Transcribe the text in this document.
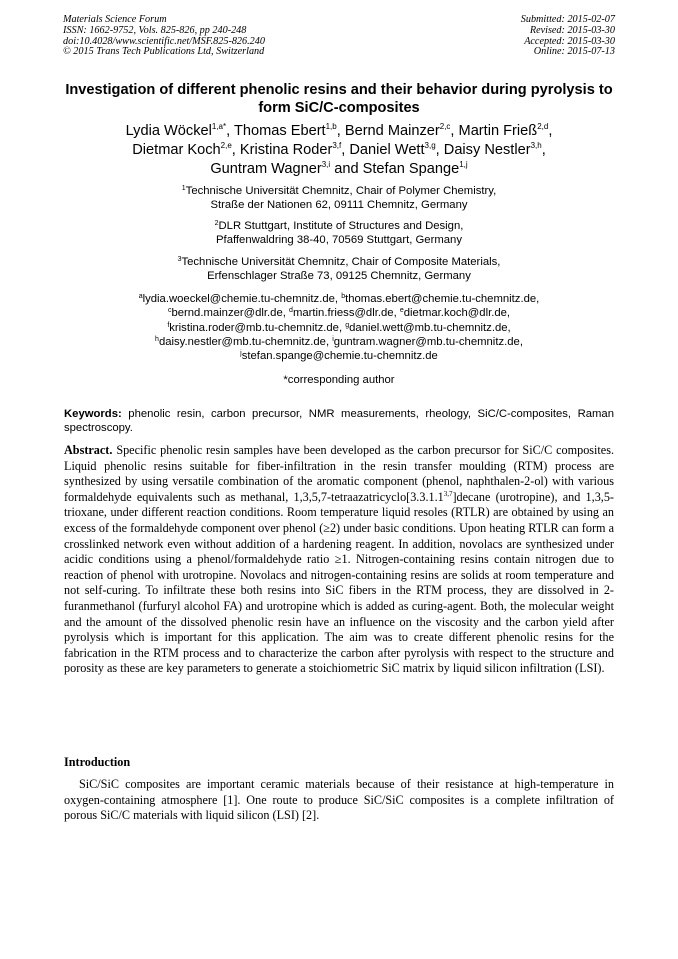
Materials Science Forum
ISSN: 1662-9752, Vols. 825-826, pp 240-248
doi:10.4028/www.scientific.net/MSF.825-826.240
© 2015 Trans Tech Publications Ltd, Switzerland
Submitted: 2015-02-07
Revised: 2015-03-30
Accepted: 2015-03-30
Online: 2015-07-13
Investigation of different phenolic resins and their behavior during pyrolysis to form SiC/C-composites
Lydia Wöckel$^{1,a*}$, Thomas Ebert$^{1,b}$, Bernd Mainzer$^{2,c}$, Martin Frieß$^{2,d}$,
Dietmar Koch$^{2,e}$, Kristina Roder$^{3,f}$, Daniel Wett$^{3,g}$, Daisy Nestler$^{3,h}$,
Guntram Wagner$^{3,i}$ and Stefan Spange$^{1,j}$
$^1$Technische Universität Chemnitz, Chair of Polymer Chemistry,
Straße der Nationen 62, 09111 Chemnitz, Germany
$^2$DLR Stuttgart, Institute of Structures and Design,
Pfaffenwaldring 38-40, 70569 Stuttgart, Germany
$^3$Technische Universität Chemnitz, Chair of Composite Materials,
Erfenschlager Straße 73, 09125 Chemnitz, Germany
$^a$lydia.woeckel@chemie.tu-chemnitz.de, $^b$thomas.ebert@chemie.tu-chemnitz.de,
$^c$bernd.mainzer@dlr.de, $^d$martin.friess@dlr.de, $^e$dietmar.koch@dlr.de,
$^f$kristina.roder@mb.tu-chemnitz.de, $^g$daniel.wett@mb.tu-chemnitz.de,
$^h$daisy.nestler@mb.tu-chemnitz.de, $^i$guntram.wagner@mb.tu-chemnitz.de,
$^j$stefan.spange@chemie.tu-chemnitz.de
*corresponding author
Keywords: phenolic resin, carbon precursor, NMR measurements, rheology, SiC/C-composites, Raman spectroscopy.
Abstract. Specific phenolic resin samples have been developed as the carbon precursor for SiC/C composites. Liquid phenolic resins suitable for fiber-infiltration in the resin transfer moulding (RTM) process are synthesized by using versatile combination of the aromatic component (phenol, naphthalen-2-ol) with various formaldehyde equivalents such as methanal, 1,3,5,7-tetraazatricyclo[3.3.1.1$^{3,7}$]decane (urotropine), and 1,3,5-trioxane, under different reaction conditions. Room temperature liquid resoles (RTLR) are obtained by using an excess of the formaldehyde component over phenol (≥2) under basic conditions. Upon heating RTLR can form a crosslinked network even without addition of a hardening reagent. In addition, novolacs are synthesized under acidic conditions using a phenol/formaldehyde ratio ≥1. Nitrogen-containing resins contain nitrogen due to reaction of phenol with urotropine. Novolacs and nitrogen-containing resins are solids at room temperature and not self-curing. To infiltrate these both resins into SiC fibers in the RTM process, they are dissolved in 2-furanmethanol (furfuryl alcohol FA) and urotropine which is added as curing-agent. Both, the molecular weight and the amount of the dissolved phenolic resin have an influence on the viscosity and the carbon yield after pyrolysis which is important for this application. The aim was to create different phenolic resins for the fabrication in the RTM process and to characterize the carbon after pyrolysis with respect to the structure and porosity as these are key parameters to generate a stoichiometric SiC matrix by liquid silicon infiltration (LSI).
Introduction
SiC/SiC composites are important ceramic materials because of their resistance at high-temperature in oxygen-containing atmosphere [1]. One route to produce SiC/SiC composites is a complete infiltration of porous SiC/C materials with liquid silicon (LSI) [2].
